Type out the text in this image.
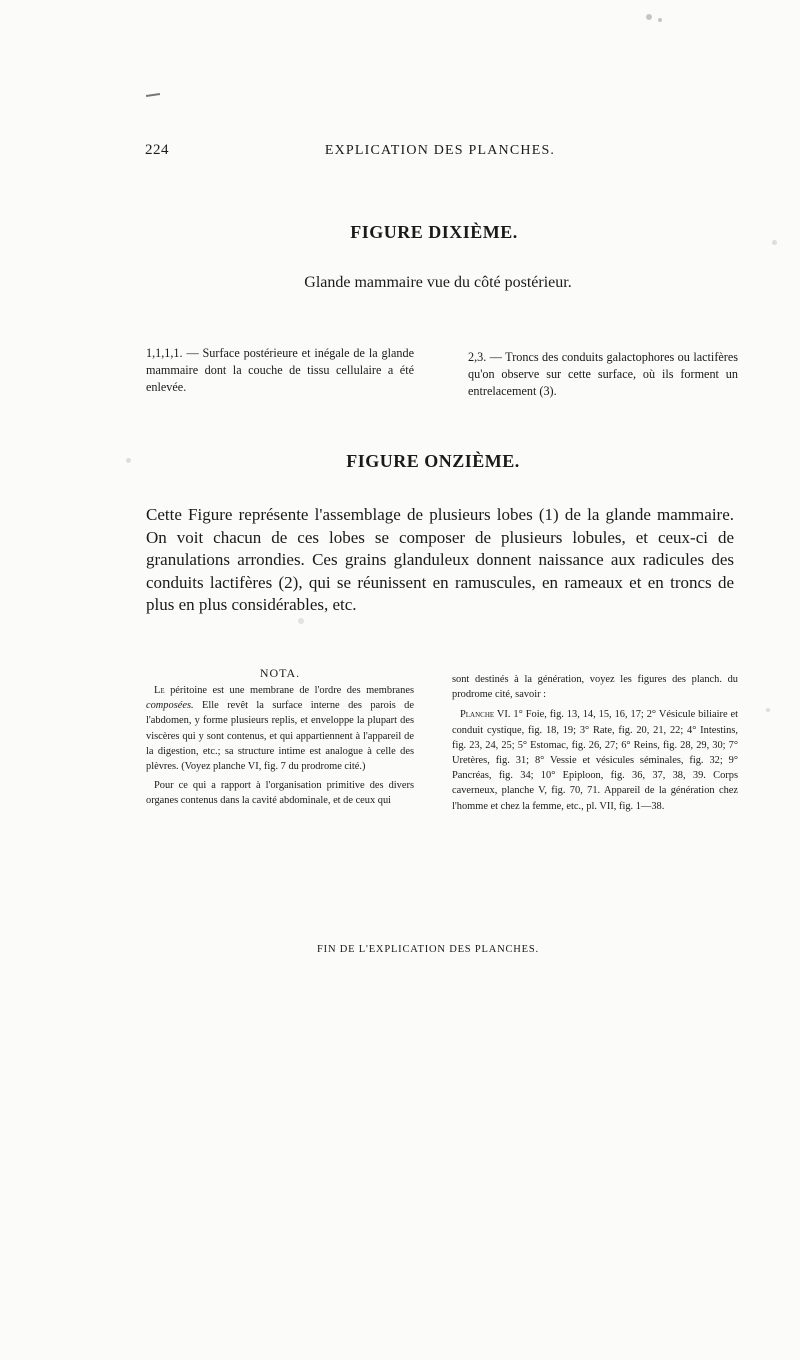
224	EXPLICATION DES PLANCHES.
FIGURE DIXIÈME.
Glande mammaire vue du côté postérieur.
1,1,1,1. — Surface postérieure et inégale de la glande mammaire dont la couche de tissu cellulaire a été enlevée.
2,3. — Troncs des conduits galactophores ou lactifères qu'on observe sur cette surface, où ils forment un entrelacement (3).
FIGURE ONZIÈME.
Cette Figure représente l'assemblage de plusieurs lobes (1) de la glande mammaire. On voit chacun de ces lobes se composer de plusieurs lobules, et ceux-ci de granulations arrondies. Ces grains glanduleux donnent naissance aux radicules des conduits lactifères (2), qui se réunissent en ramuscules, en rameaux et en troncs de plus en plus considérables, etc.
NOTA.

Le péritoine est une membrane de l'ordre des membranes composées. Elle revêt la surface interne des parois de l'abdomen, y forme plusieurs replis, et enveloppe la plupart des viscères qui y sont contenus, et qui appartiennent à l'appareil de la digestion, etc.; sa structure intime est analogue à celle des plèvres. (Voyez planche VI, fig. 7 du prodrome cité.)

Pour ce qui a rapport à l'organisation primitive des divers organes contenus dans la cavité abdominale, et de ceux qui

sont destinés à la génération, voyez les figures des planch. du prodrome cité, savoir :

Planche VI. 1° Foie, fig. 13, 14, 15, 16, 17; 2° Vésicule biliaire et conduit cystique, fig. 18, 19; 3° Rate, fig. 20, 21, 22; 4° Intestins, fig. 23, 24, 25; 5° Estomac, fig. 26, 27; 6° Reins, fig. 28, 29, 30; 7° Uretères, fig. 31; 8° Vessie et vésicules séminales, fig. 32; 9° Pancréas, fig. 34; 10° Epiploon, fig. 36, 37, 38, 39. Corps caverneux, planche V, fig. 70, 71. Appareil de la génération chez l'homme et chez la femme, etc., pl. VII, fig. 1—38.

FIN DE L'EXPLICATION DES PLANCHES.
